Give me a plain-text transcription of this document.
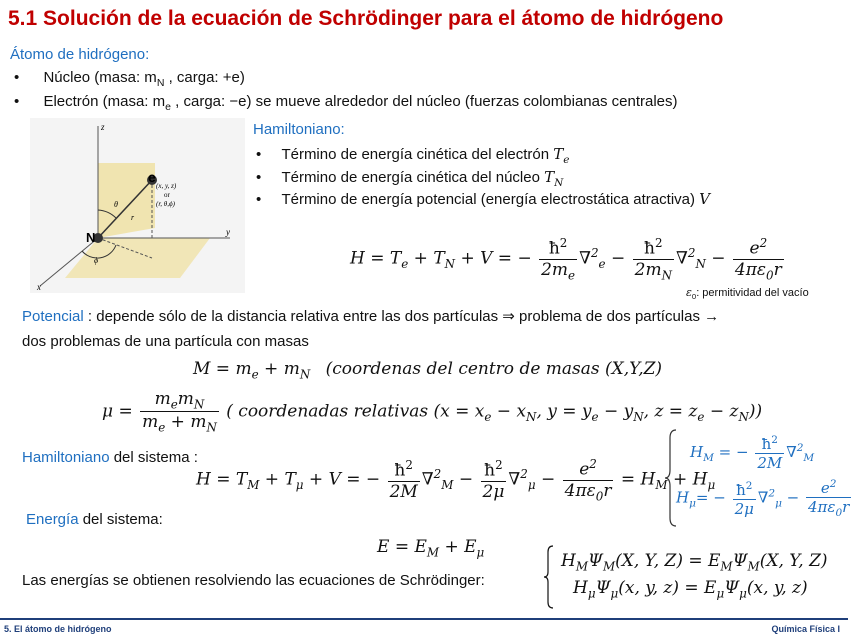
5.1 Solución de la ecuación de Schrödinger para el átomo de hidrógeno
Átomo de hidrógeno:
• Núcleo (masa: $m_N$ , carga: +e)
• Electrón (masa: $m_e$ , carga: −e) se mueve alrededor del núcleo (fuerzas colombianas centrales)
z
y
x
e
(x, y, z)
or
(r, θ,ϕ)
N
θ
ϕ
r
Hamiltoniano:
• Término de energía cinética del electrón $T_e$
• Término de energía cinética del núcleo $T_N$
• Término de energía potencial (energía electrostática atractiva) V
$H = T_e + T_N + V$ = − $\frac{ħ^2}{2m_e} \nabla^2_e - \frac{ħ^2}{2m_N} \nabla^2_N - \frac{e^2}{4\pi\varepsilon_0r}$
$\varepsilon_0$: permitividad del vacío
Potencial : depende sólo de la distancia relativa entre las dos partículas ⇒ problema de dos partículas →
dos problemas de una partícula con masas
$M = m_e + m_N$ (coordenas del centro de masas (X,Y,Z)
$\mu = \frac{m_em_N}{m_e + m_N}$ ( coordenadas relativas ($x = x_e - x_N$, $y = y_e - y_N$, $z = z_e - z_N$))
Hamiltoniano del sistema :
$H = T_M + T_\mu + V$ = − $\frac{ħ^2}{2M} \nabla^2_M - \frac{ħ^2}{2\mu} \nabla^2_\mu - \frac{e^2}{4\pi\varepsilon_0r} = H_M + H_\mu$
$H_M$ = − $\frac{ħ^2}{2M} \nabla^2_M$
$H_\mu= - \frac{ħ^2}{2\mu} \nabla^2_\mu - \frac{e^2}{4\pi\varepsilon_0r}$
Energía del sistema:
$E = E_M + E_\mu$
Las energías se obtienen resolviendo las ecuaciones de Schrödinger:
$H_M\Psi_M(X$, Y, $Z) = E_M\Psi_M(X$, Y, Z)
$H_\mu\Psi_\mu(x$, y, $z) = E_\mu\Psi_\mu(x$, y, z)
5. El átomo de hidrógeno	Química Física I
